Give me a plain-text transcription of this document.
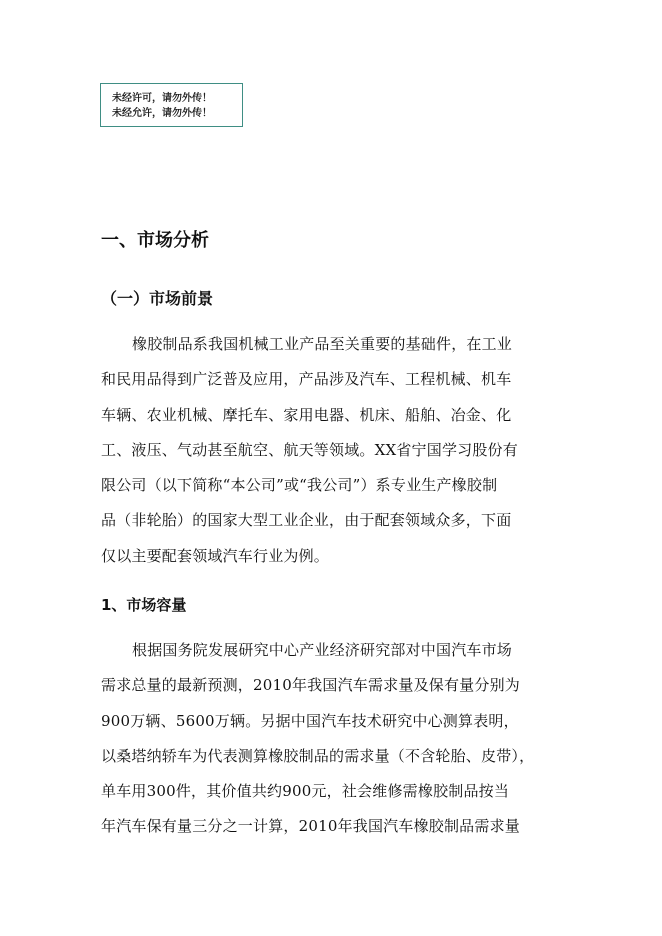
未经许可，请勿外传！
未经允许，请勿外传！
一、市场分析
（一）市场前景
橡胶制品系我国机械工业产品至关重要的基础件，在工业
和民用品得到广泛普及应用，产品涉及汽车、工程机械、机车
车辆、农业机械、摩托车、家用电器、机床、船舶、冶金、化
工、液压、气动甚至航空、航天等领域。XX省宁国学习股份有
限公司（以下简称“本公司”或“我公司”）系专业生产橡胶制
品（非轮胎）的国家大型工业企业，由于配套领域众多，下面
仅以主要配套领域汽车行业为例。
1、市场容量
根据国务院发展研究中心产业经济研究部对中国汽车市场
需求总量的最新预测，2010年我国汽车需求量及保有量分别为
900万辆、5600万辆。另据中国汽车技术研究中心测算表明，
以桑塔纳轿车为代表测算橡胶制品的需求量（不含轮胎、皮带），
单车用300件，其价值共约900元，社会维修需橡胶制品按当
年汽车保有量三分之一计算，2010年我国汽车橡胶制品需求量
